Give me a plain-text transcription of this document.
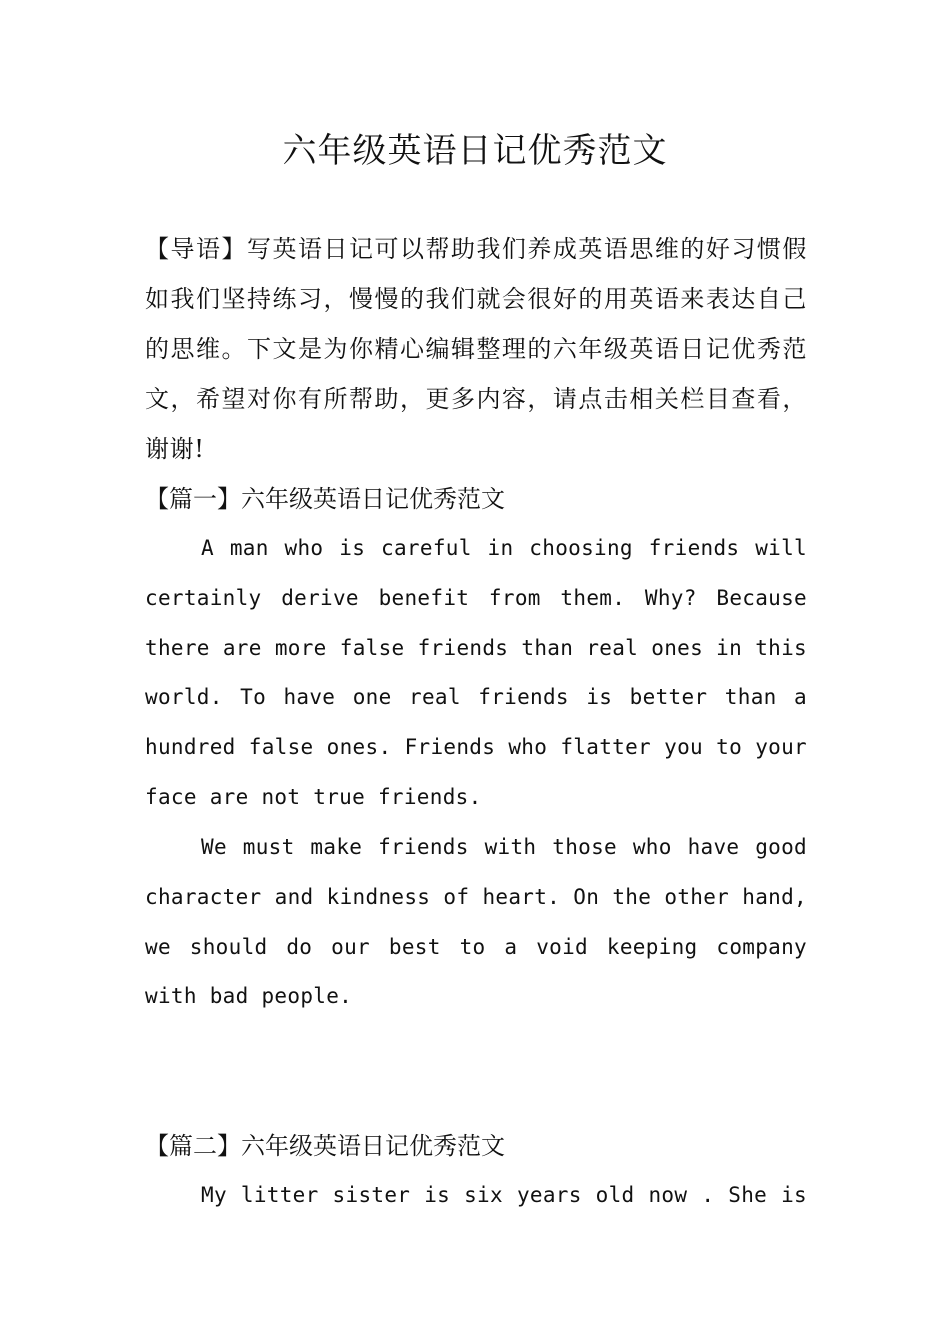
六年级英语日记优秀范文

【导语】写英语日记可以帮助我们养成英语思维的好习惯假如我们坚持练习，慢慢的我们就会很好的用英语来表达自己的思维。下文是为你精心编辑整理的六年级英语日记优秀范文，希望对你有所帮助，更多内容，请点击相关栏目查看，谢谢!

【篇一】六年级英语日记优秀范文

A man who is careful in choosing friends will certainly derive benefit from them. Why? Because there are more false friends than real ones in this world. To have one real friends is better than a hundred false ones. Friends who flatter you to your face are not true friends.

We must make friends with those who have good character and kindness of heart. On the other hand, we should do our best to a void keeping company with bad people.

【篇二】六年级英语日记优秀范文

My litter sister is six years old now . She is
